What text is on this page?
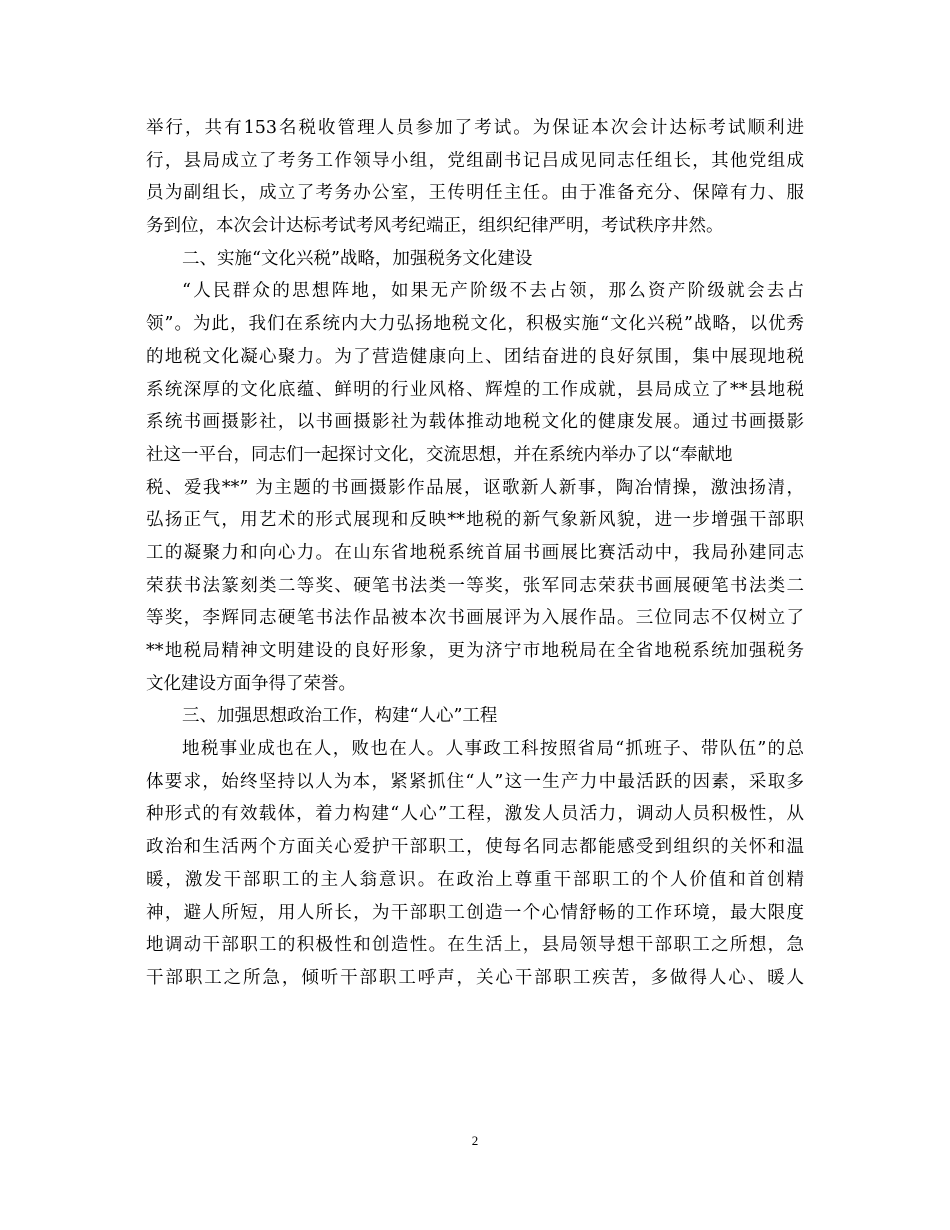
举行，共有153名税收管理人员参加了考试。为保证本次会计达标考试顺利进
行，县局成立了考务工作领导小组，党组副书记吕成见同志任组长，其他党组成
员为副组长，成立了考务办公室，王传明任主任。由于准备充分、保障有力、服
务到位，本次会计达标考试考风考纪端正，组织纪律严明，考试秩序井然。
二、实施“文化兴税”战略，加强税务文化建设
“人民群众的思想阵地，如果无产阶级不去占领，那么资产阶级就会去占
领”。为此，我们在系统内大力弘扬地税文化，积极实施“文化兴税”战略，以优秀
的地税文化凝心聚力。为了营造健康向上、团结奋进的良好氛围，集中展现地税
系统深厚的文化底蕴、鲜明的行业风格、辉煌的工作成就，县局成立了**县地税
系统书画摄影社，以书画摄影社为载体推动地税文化的健康发展。通过书画摄影
社这一平台，同志们一起探讨文化，交流思想，并在系统内举办了以“奉献地
税、爱我**” 为主题的书画摄影作品展，讴歌新人新事，陶冶情操，激浊扬清，
弘扬正气，用艺术的形式展现和反映**地税的新气象新风貌，进一步增强干部职
工的凝聚力和向心力。在山东省地税系统首届书画展比赛活动中，我局孙建同志
荣获书法篆刻类二等奖、硬笔书法类一等奖，张军同志荣获书画展硬笔书法类二
等奖，李辉同志硬笔书法作品被本次书画展评为入展作品。三位同志不仅树立了
**地税局精神文明建设的良好形象，更为济宁市地税局在全省地税系统加强税务
文化建设方面争得了荣誉。
三、加强思想政治工作，构建“人心”工程
地税事业成也在人，败也在人。人事政工科按照省局“抓班子、带队伍”的总
体要求，始终坚持以人为本，紧紧抓住“人”这一生产力中最活跃的因素，采取多
种形式的有效载体，着力构建“人心”工程，激发人员活力，调动人员积极性，从
政治和生活两个方面关心爱护干部职工，使每名同志都能感受到组织的关怀和温
暖，激发干部职工的主人翁意识。在政治上尊重干部职工的个人价值和首创精
神，避人所短，用人所长，为干部职工创造一个心情舒畅的工作环境，最大限度
地调动干部职工的积极性和创造性。在生活上，县局领导想干部职工之所想，急
干部职工之所急，倾听干部职工呼声，关心干部职工疾苦，多做得人心、暖人
2
